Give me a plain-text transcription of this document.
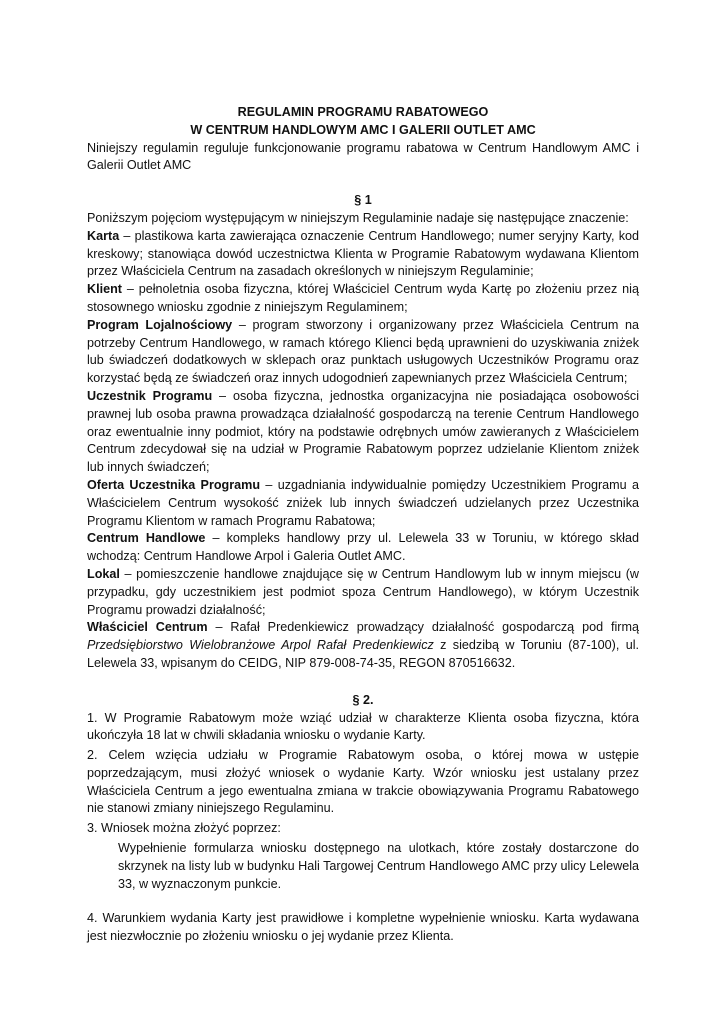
REGULAMIN PROGRAMU RABATOWEGO
W CENTRUM HANDLOWYM AMC I GALERII OUTLET AMC

Niniejszy regulamin reguluje funkcjonowanie programu rabatowa w Centrum Handlowym AMC i Galerii Outlet AMC

§ 1

Poniższym pojęciom występującym w niniejszym Regulaminie nadaje się następujące znaczenie:

Karta – plastikowa karta zawierająca oznaczenie Centrum Handlowego; numer seryjny Karty, kod kreskowy; stanowiąca dowód uczestnictwa Klienta w Programie Rabatowym wydawana Klientom przez Właściciela Centrum na zasadach określonych w niniejszym Regulaminie;

Klient – pełnoletnia osoba fizyczna, której Właściciel Centrum wyda Kartę po złożeniu przez nią stosownego wniosku zgodnie z niniejszym Regulaminem;

Program Lojalnościowy – program stworzony i organizowany przez Właściciela Centrum na potrzeby Centrum Handlowego, w ramach którego Klienci będą uprawnieni do uzyskiwania zniżek lub świadczeń dodatkowych w sklepach oraz punktach usługowych Uczestników Programu oraz korzystać będą ze świadczeń oraz innych udogodnień zapewnianych przez Właściciela Centrum;

Uczestnik Programu – osoba fizyczna, jednostka organizacyjna nie posiadająca osobowości prawnej lub osoba prawna prowadząca działalność gospodarczą na terenie Centrum Handlowego oraz ewentualnie inny podmiot, który na podstawie odrębnych umów zawieranych z Właścicielem Centrum zdecydował się na udział w Programie Rabatowym poprzez udzielanie Klientom zniżek lub innych świadczeń;

Oferta Uczestnika Programu – uzgadniania indywidualnie pomiędzy Uczestnikiem Programu a Właścicielem Centrum wysokość zniżek lub innych świadczeń udzielanych przez Uczestnika Programu Klientom w ramach Programu Rabatowa;

Centrum Handlowe – kompleks handlowy przy ul. Lelewela 33 w Toruniu, w którego skład wchodzą: Centrum Handlowe Arpol i Galeria Outlet AMC.

Lokal – pomieszczenie handlowe znajdujące się w Centrum Handlowym lub w innym miejscu (w przypadku, gdy uczestnikiem jest podmiot spoza Centrum Handlowego), w którym Uczestnik Programu prowadzi działalność;

Właściciel Centrum – Rafał Predenkiewicz prowadzący działalność gospodarczą pod firmą Przedsiębiorstwo Wielobranżowe Arpol Rafał Predenkiewicz z siedzibą w Toruniu (87-100), ul. Lelewela 33, wpisanym do CEIDG, NIP 879-008-74-35, REGON 870516632.

§ 2.

1. W Programie Rabatowym może wziąć udział w charakterze Klienta osoba fizyczna, która ukończyła 18 lat w chwili składania wniosku o wydanie Karty.

2. Celem wzięcia udziału w Programie Rabatowym osoba, o której mowa w ustępie poprzedzającym, musi złożyć wniosek o wydanie Karty. Wzór wniosku jest ustalany przez Właściciela Centrum a jego ewentualna zmiana w trakcie obowiązywania Programu Rabatowego nie stanowi zmiany niniejszego Regulaminu.

3. Wniosek można złożyć poprzez:

Wypełnienie formularza wniosku dostępnego na ulotkach, które zostały dostarczone do skrzynek na listy lub w budynku Hali Targowej Centrum Handlowego AMC przy ulicy Lelewela 33, w wyznaczonym punkcie.

4. Warunkiem wydania Karty jest prawidłowe i kompletne wypełnienie wniosku. Karta wydawana jest niezwłocznie po złożeniu wniosku o jej wydanie przez Klienta.
